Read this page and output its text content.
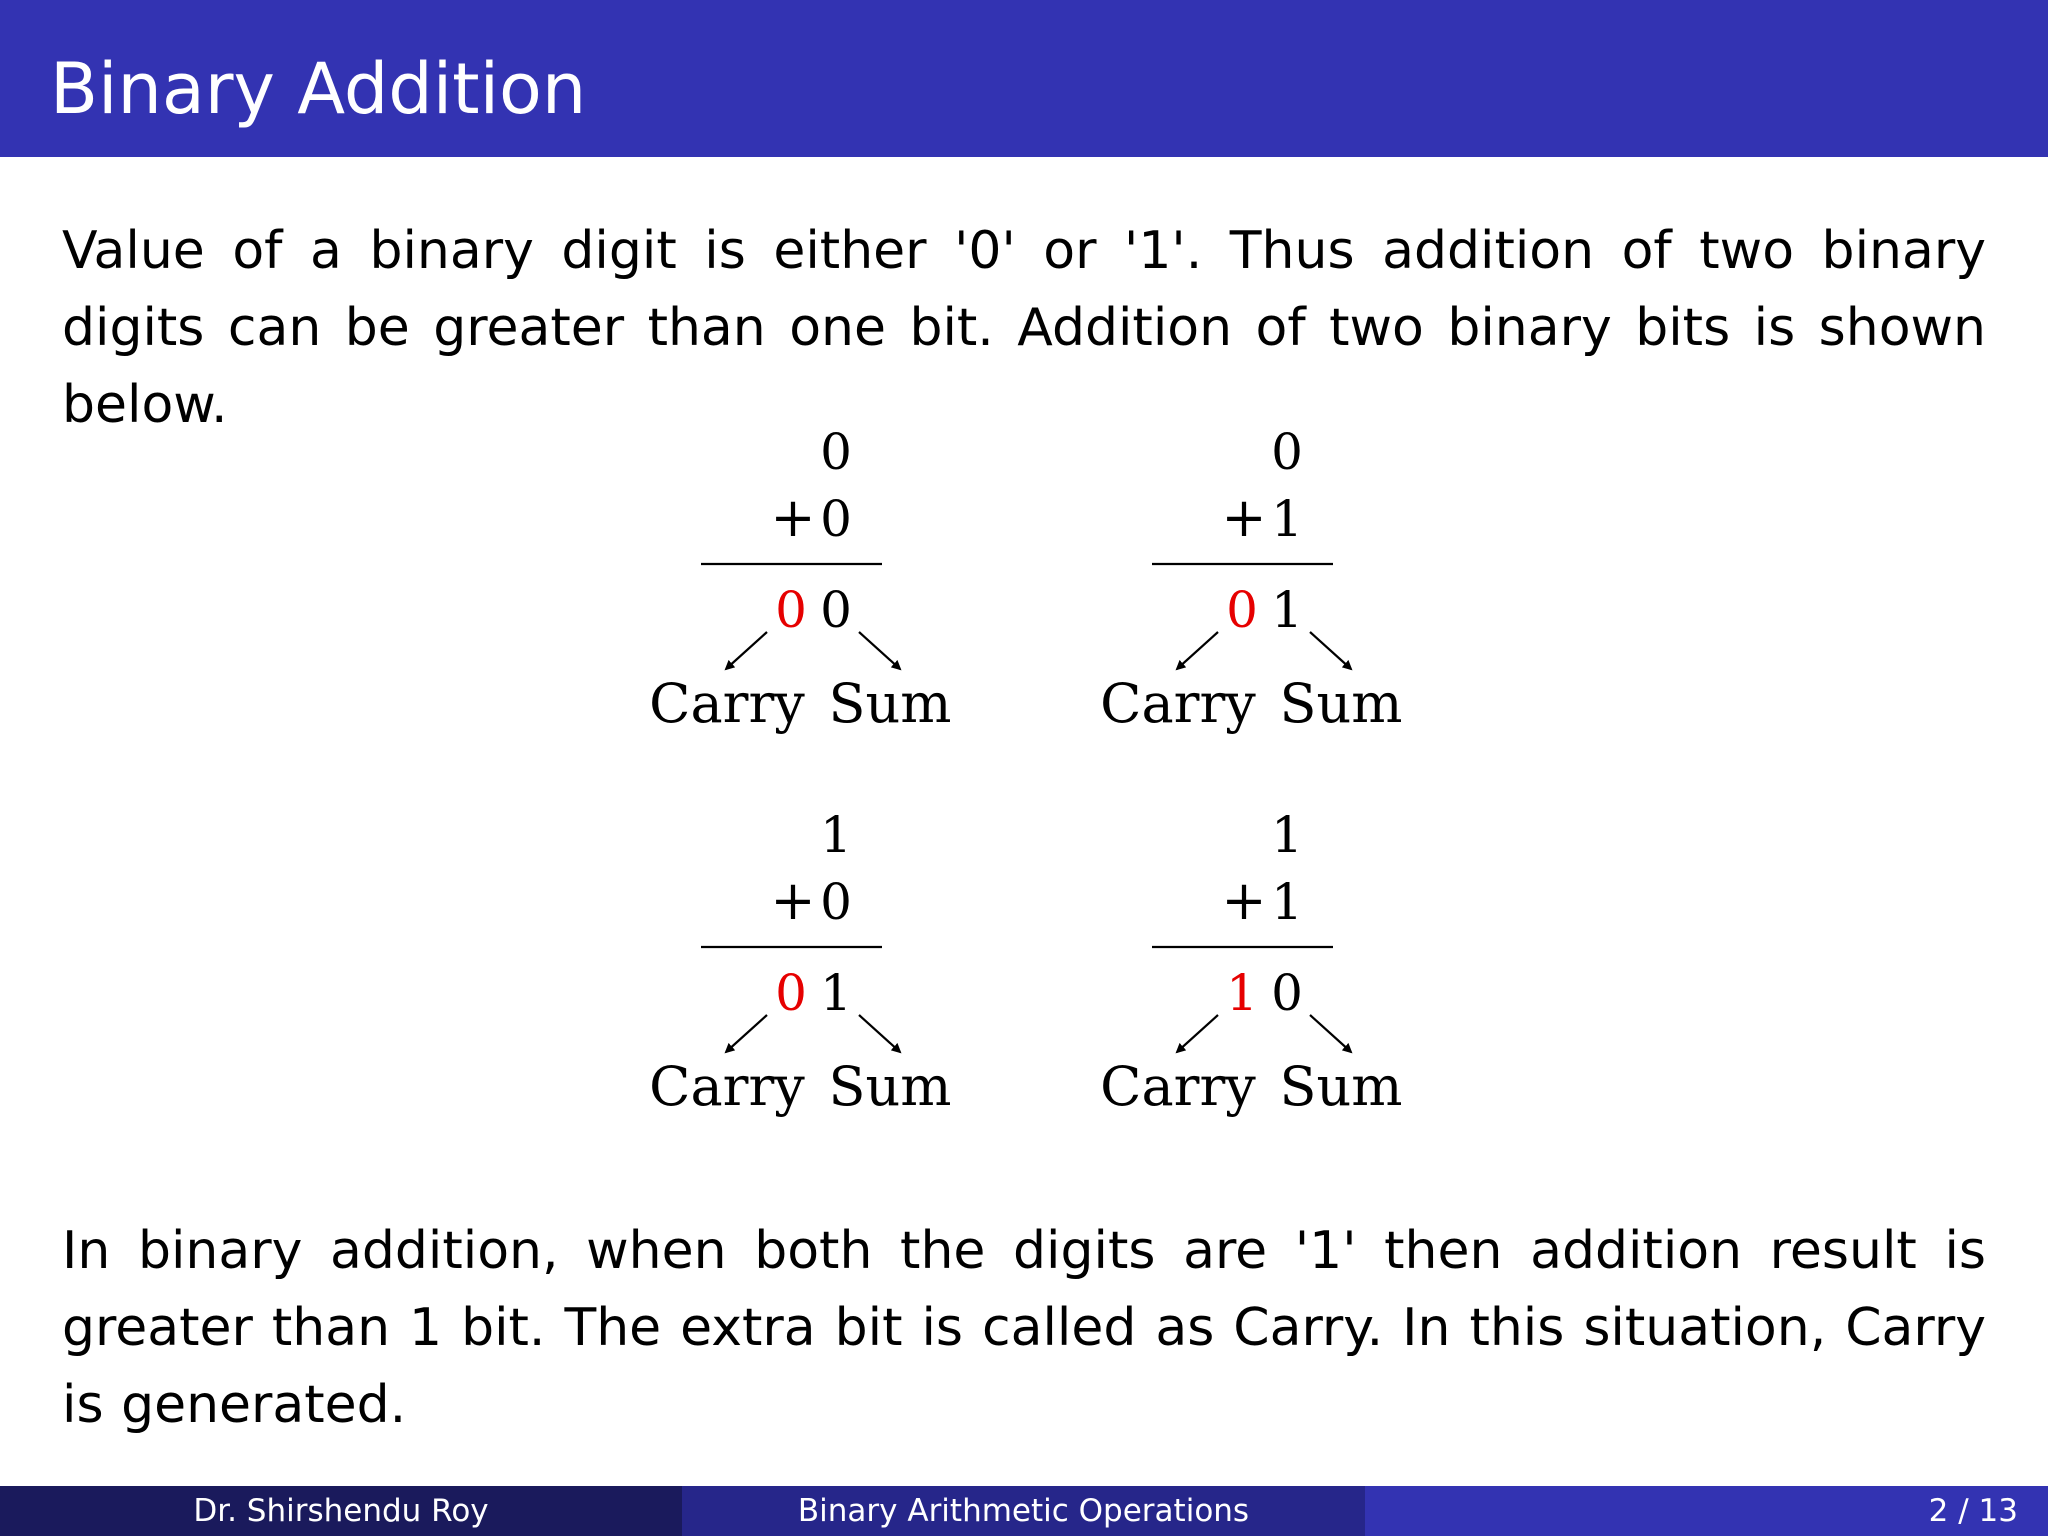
Binary Addition

Value of a binary digit is either '0' or '1'. Thus addition of two binary digits can be greater than one bit. Addition of two binary bits is shown below.

0
+ 0
0 0
Carry Sum
0
+ 1
0 1
Carry Sum
1
+ 0
0 1
Carry Sum
1
+ 1
1 0
Carry Sum

In binary addition, when both the digits are '1' then addition result is greater than 1 bit. The extra bit is called as Carry. In this situation, Carry is generated.

Dr. Shirshendu Roy	Binary Arithmetic Operations	2 / 13
